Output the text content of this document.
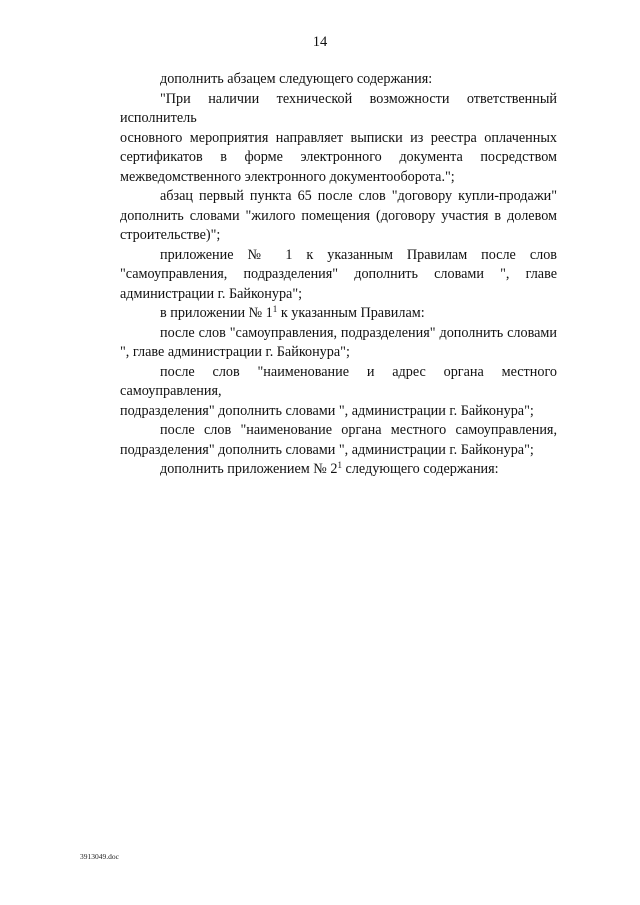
14

дополнить абзацем следующего содержания:

"При наличии технической возможности ответственный исполнитель
основного мероприятия направляет выписки из реестра оплаченных
сертификатов в форме электронного документа посредством
межведомственного электронного документооборота.";

абзац первый пункта 65 после слов "договору купли-продажи"
дополнить словами "жилого помещения (договору участия в долевом
строительстве)";

приложение № 1 к указанным Правилам после слов
"самоуправления, подразделения" дополнить словами ", главе
администрации г. Байконура";

в приложении № $1^1$ к указанным Правилам:

после слов "самоуправления, подразделения" дополнить словами
", главе администрации г. Байконура";

после слов "наименование и адрес органа местного самоуправления,
подразделения" дополнить словами ", администрации г. Байконура";

после слов "наименование органа местного самоуправления,
подразделения" дополнить словами ", администрации г. Байконура";

дополнить приложением № $2^1$ следующего содержания:

3913049.doc
